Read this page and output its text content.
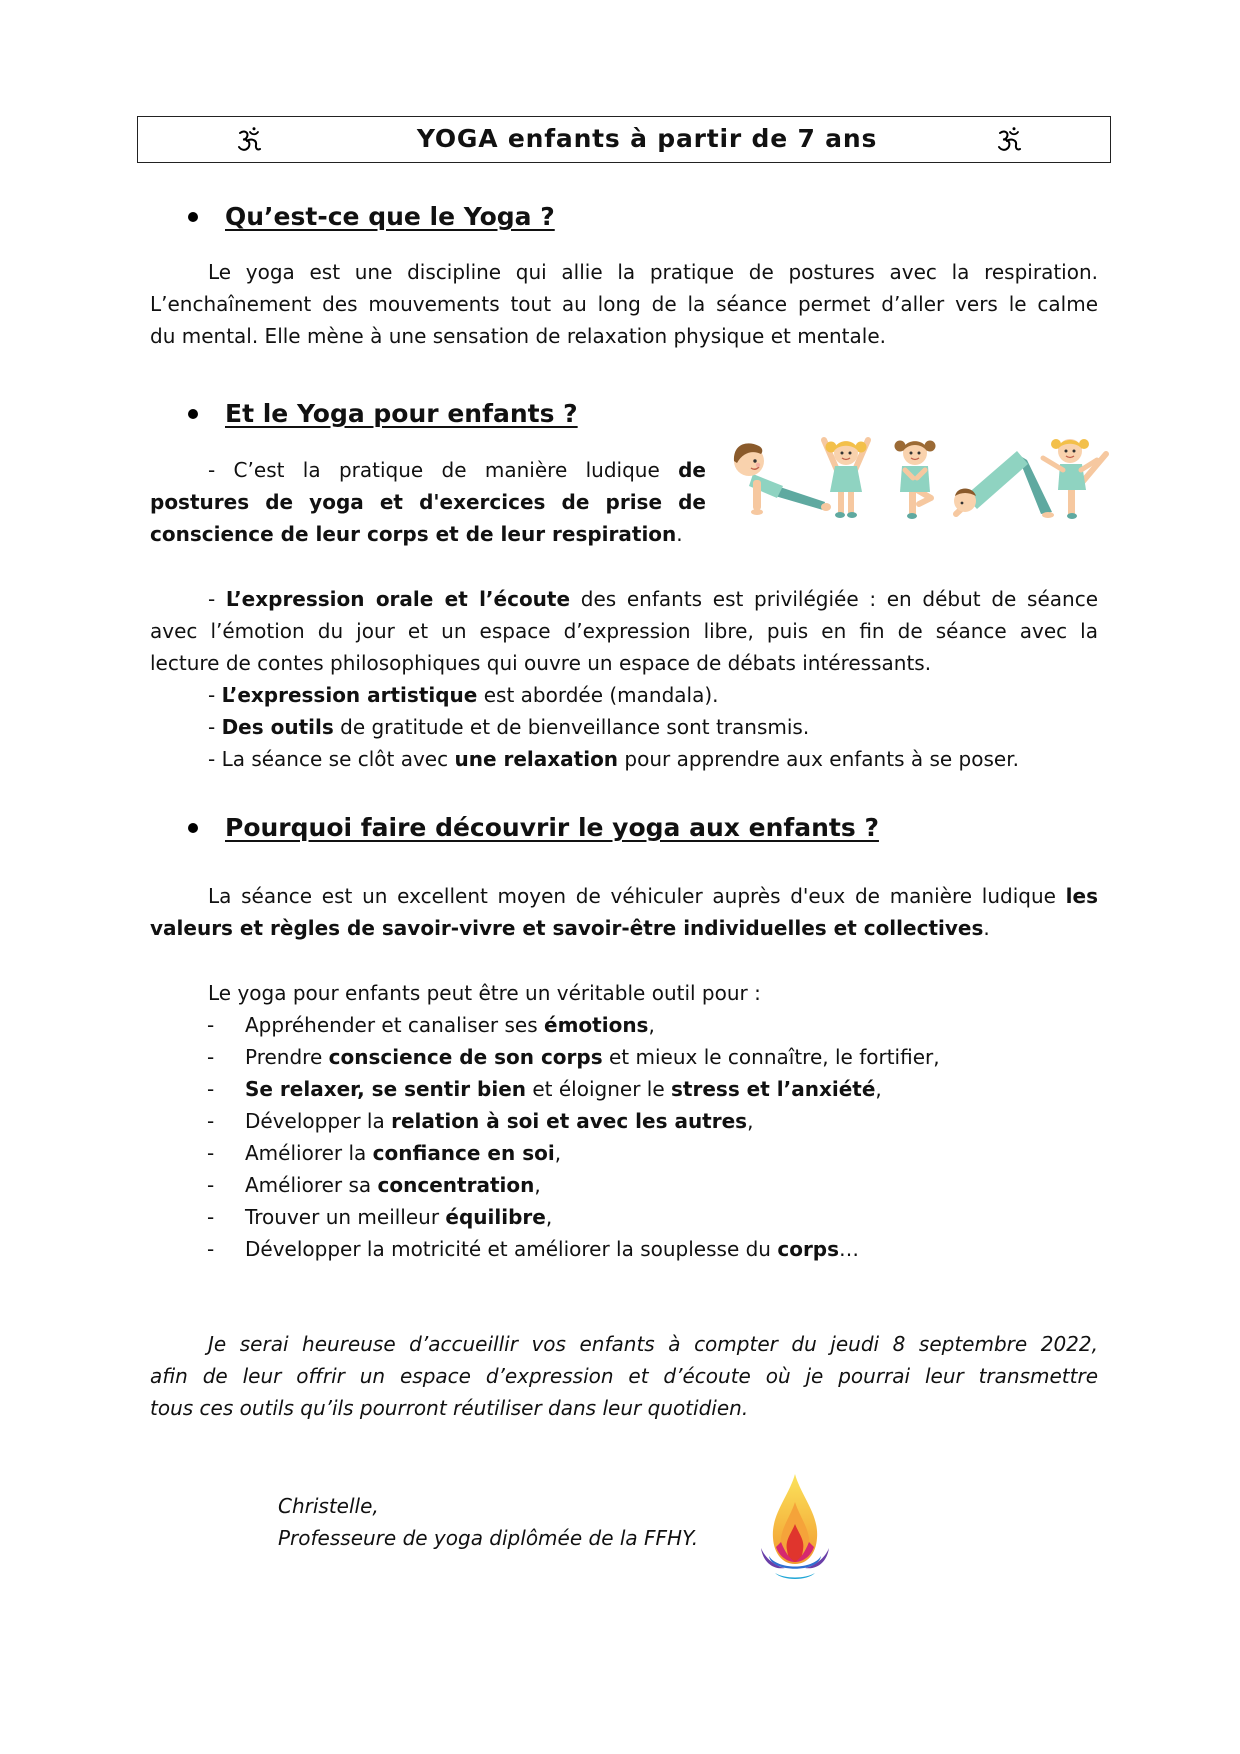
YOGA enfants à partir de 7 ans
Qu’est-ce que le Yoga ?
Le yoga est une discipline qui allie la pratique de postures avec la respiration.
L’enchaînement des mouvements tout au long de la séance permet d’aller vers le calme
du mental. Elle mène à une sensation de relaxation physique et mentale.
Et le Yoga pour enfants ?
- C’est la pratique de manière ludique de
postures de yoga et d'exercices de prise de
conscience de leur corps et de leur respiration.
- L’expression orale et l’écoute des enfants est privilégiée : en début de séance
avec l’émotion du jour et un espace d’expression libre, puis en fin de séance avec la
lecture de contes philosophiques qui ouvre un espace de débats intéressants.
- L’expression artistique est abordée (mandala).
- Des outils de gratitude et de bienveillance sont transmis.
- La séance se clôt avec une relaxation pour apprendre aux enfants à se poser.
Pourquoi faire découvrir le yoga aux enfants ?
La séance est un excellent moyen de véhiculer auprès d'eux de manière ludique les
valeurs et règles de savoir-vivre et savoir-être individuelles et collectives.
Le yoga pour enfants peut être un véritable outil pour :
- Appréhender et canaliser ses émotions,
- Prendre conscience de son corps et mieux le connaître, le fortifier,
- Se relaxer, se sentir bien et éloigner le stress et l’anxiété,
- Développer la relation à soi et avec les autres,
- Améliorer la confiance en soi,
- Améliorer sa concentration,
- Trouver un meilleur équilibre,
- Développer la motricité et améliorer la souplesse du corps…
Je serai heureuse d’accueillir vos enfants à compter du jeudi 8 septembre 2022,
afin de leur offrir un espace d’expression et d’écoute où je pourrai leur transmettre
tous ces outils qu’ils pourront réutiliser dans leur quotidien.
Christelle,
Professeure de yoga diplômée de la FFHY.
